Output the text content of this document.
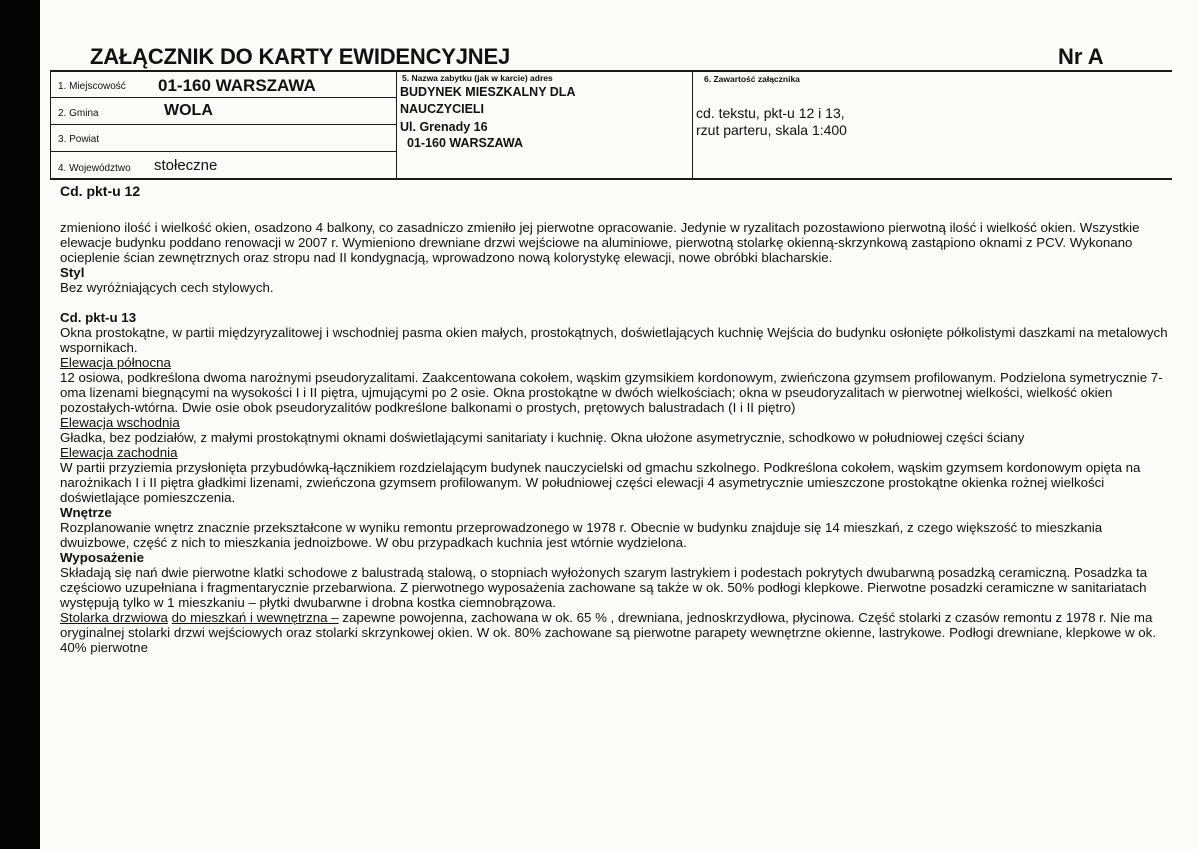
ZAŁĄCZNIK DO KARTY EWIDENCYJNEJ	Nr A
1. Miejscowość 01-160 WARSZAWA
2. Gmina	WOLA
3. Powiat
4. Województwo stołeczne
5. Nazwa zabytku (jak w karcie) adres
BUDYNEK MIESZKALNY DLA
NAUCZYCIELI
Ul. Grenady 16
01-160 WARSZAWA
6. Zawartość załącznika
cd. tekstu, pkt-u 12 i 13,
rzut parteru, skala 1:400
Cd. pkt-u 12

zmieniono ilość i wielkość okien, osadzono 4 balkony, co zasadniczo zmieniło jej pierwotne opracowanie. Jedynie w ryzalitach pozostawiono pierwotną ilość i wielkość okien. Wszystkie elewacje budynku poddano renowacji w 2007 r. Wymieniono drewniane drzwi wejściowe na aluminiowe, pierwotną stolarkę okienną-skrzynkową zastąpiono oknami z PCV. Wykonano ocieplenie ścian zewnętrznych oraz stropu nad II kondygnacją, wprowadzono nową kolorystykę elewacji, nowe obróbki blacharskie.

Styl

Bez wyróżniających cech stylowych.

Cd. pkt-u 13

Okna prostokątne, w partii międzyryzalitowej i wschodniej pasma okien małych, prostokątnych, doświetlających kuchnię Wejścia do budynku osłonięte półkolistymi daszkami na metalowych wspornikach.

Elewacja północna

12 osiowa, podkreślona dwoma narożnymi pseudoryzalitami. Zaakcentowana cokołem, wąskim gzymsikiem kordonowym, zwieńczona gzymsem profilowanym. Podzielona symetrycznie 7-oma lizenami biegnącymi na wysokości I i II piętra, ujmującymi po 2 osie. Okna prostokątne w dwóch wielkościach; okna w pseudoryzalitach w pierwotnej wielkości, wielkość okien pozostałych-wtórna. Dwie osie obok pseudoryzalitów podkreślone balkonami o prostych, prętowych balustradach (I i II piętro)

Elewacja wschodnia

Gładka, bez podziałów, z małymi prostokątnymi oknami doświetlającymi sanitariaty i kuchnię. Okna ułożone asymetrycznie, schodkowo w południowej części ściany

Elewacja zachodnia

W partii przyziemia przysłonięta przybudówką-łącznikiem rozdzielającym budynek nauczycielski od gmachu szkolnego. Podkreślona cokołem, wąskim gzymsem kordonowym opięta na narożnikach I i II piętra gładkimi lizenami, zwieńczona gzymsem profilowanym. W południowej części elewacji 4 asymetrycznie umieszczone prostokątne okienka rożnej wielkości doświetlające pomieszczenia.

Wnętrze

Rozplanowanie wnętrz znacznie przekształcone w wyniku remontu przeprowadzonego w 1978 r. Obecnie w budynku znajduje się 14 mieszkań, z czego większość to mieszkania dwuizbowe, część z nich to mieszkania jednoizbowe. W obu przypadkach kuchnia jest wtórnie wydzielona.

Wyposażenie

Składają się nań dwie pierwotne klatki schodowe z balustradą stalową, o stopniach wyłożonych szarym lastrykiem i podestach pokrytych dwubarwną posadzką ceramiczną. Posadzka ta częściowo uzupełniana i fragmentarycznie przebarwiona. Z pierwotnego wyposażenia zachowane są także w ok. 50% podłogi klepkowe. Pierwotne posadzki ceramiczne w sanitariatach występują tylko w 1 mieszkaniu – płytki dwubarwne i drobna kostka ciemnobrązowa.

Stolarka drzwiowa do mieszkań i wewnętrzna – zapewne powojenna, zachowana w ok. 65 % , drewniana, jednoskrzydłowa, płycinowa. Część stolarki z czasów remontu z 1978 r. Nie ma oryginalnej stolarki drzwi wejściowych oraz stolarki skrzynkowej okien. W ok. 80% zachowane są pierwotne parapety wewnętrzne okienne, lastrykowe. Podłogi drewniane, klepkowe w ok. 40% pierwotne
